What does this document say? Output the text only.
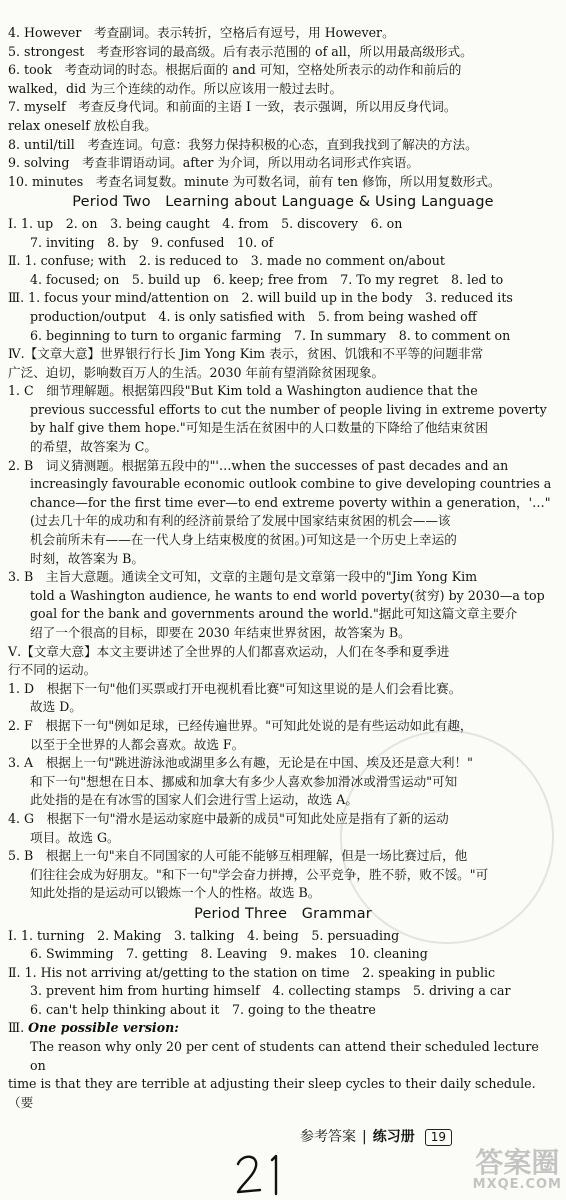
4. However　考查副词。表示转折，空格后有逗号，用 However。

5. strongest　考查形容词的最高级。后有表示范围的 of all，所以用最高级形式。

6. took　考查动词的时态。根据后面的 and 可知，空格处所表示的动作和前后的

walked，did 为三个连续的动作。所以应该用一般过去时。

7. myself　考查反身代词。和前面的主语 I 一致，表示强调，所以用反身代词。

relax oneself 放松自我。

8. until/till　考查连词。句意：我努力保持积极的心态，直到我找到了解决的方法。

9. solving　考查非谓语动词。after 为介词，所以用动名词形式作宾语。

10. minutes　考查名词复数。minute 为可数名词，前有 ten 修饰，所以用复数形式。

Period Two　Learning about Language & Using Language

Ⅰ. 1. up　2. on　3. being caught　4. from　5. discovery　6. on

7. inviting　8. by　9. confused　10. of

Ⅱ. 1. confuse; with　2. is reduced to　3. made no comment on/about

4. focused; on　5. build up　6. keep; free from　7. To my regret　8. led to

Ⅲ. 1. focus your mind/attention on　2. will build up in the body　3. reduced its

production/output　4. is only satisfied with　5. from being washed off

6. beginning to turn to organic farming　7. In summary　8. to comment on

Ⅳ.【文章大意】世界银行行长 Jim Yong Kim 表示，贫困、饥饿和不平等的问题非常

广泛、迫切，影响数百万人的生活。2030 年前有望消除贫困现象。

1. C　细节理解题。根据第四段"But Kim told a Washington audience that the

previous successful efforts to cut the number of people living in extreme poverty

by half give them hope."可知是生活在贫困中的人口数量的下降给了他结束贫困

的希望，故答案为 C。

2. B　词义猜测题。根据第五段中的"'…when the successes of past decades and an

increasingly favourable economic outlook combine to give developing countries a

chance—for the first time ever—to end extreme poverty within a generation，'…"

(过去几十年的成功和有利的经济前景给了发展中国家结束贫困的机会——该

机会前所未有——在一代人身上结束极度的贫困。)可知这是一个历史上幸运的

时刻，故答案为 B。

3. B　主旨大意题。通读全文可知，文章的主题句是文章第一段中的"Jim Yong Kim

told a Washington audience, he wants to end world poverty(贫穷) by 2030—a top

goal for the bank and governments around the world."据此可知这篇文章主要介

绍了一个很高的目标，即要在 2030 年结束世界贫困，故答案为 B。

Ⅴ.【文章大意】本文主要讲述了全世界的人们都喜欢运动，人们在冬季和夏季进

行不同的运动。

1. D　根据下一句"他们买票或打开电视机看比赛"可知这里说的是人们会看比赛。

故选 D。

2. F　根据下一句"例如足球，已经传遍世界。"可知此处说的是有些运动如此有趣，

以至于全世界的人都会喜欢。故选 F。

3. A　根据上一句"跳进游泳池或湖里多么有趣，无论是在中国、埃及还是意大利！"

和下一句"想想在日本、挪威和加拿大有多少人喜欢参加滑冰或滑雪运动"可知

此处指的是在有冰雪的国家人们会进行雪上运动，故选 A。

4. G　根据下一句"滑水是运动家庭中最新的成员"可知此处应是指有了新的运动

项目。故选 G。

5. B　根据上一句"来自不同国家的人可能不能够互相理解，但是一场比赛过后，他

们往往会成为好朋友。"和下一句"学会奋力拼搏，公平竞争，胜不骄，败不馁。"可

知此处指的是运动可以锻炼一个人的性格。故选 B。

Period Three　Grammar

Ⅰ. 1. turning　2. Making　3. talking　4. being　5. persuading

6. Swimming　7. getting　8. Leaving　9. makes　10. cleaning

Ⅱ. 1. His not arriving at/getting to the station on time　2. speaking in public

3. prevent him from hurting himself　4. collecting stamps　5. driving a car

6. can't help thinking about it　7. going to the theatre

Ⅲ. One possible version:

The reason why only 20 per cent of students can attend their scheduled lecture on

time is that they are terrible at adjusting their sleep cycles to their daily schedule.（要

参考答案 | 练习册	19
答案圈
MXQE.COM
